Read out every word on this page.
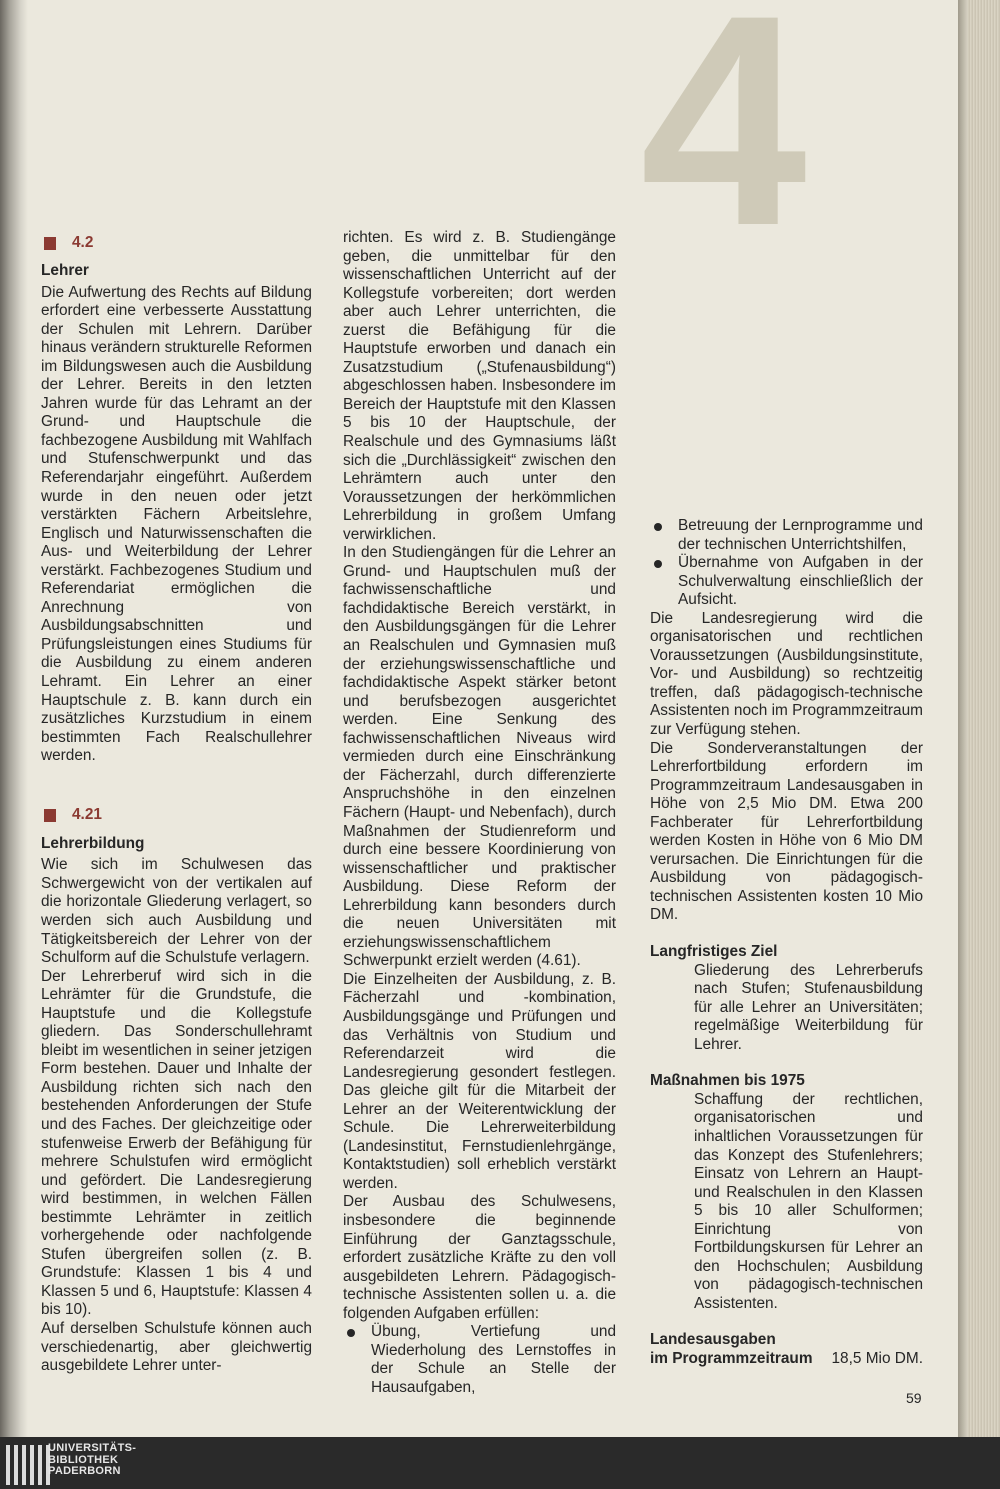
4
4.2

Lehrer

Die Aufwertung des Rechts auf Bildung erfordert eine verbesserte Ausstattung der Schulen mit Lehrern. Darüber hinaus verändern strukturelle Reformen im Bildungswesen auch die Ausbildung der Lehrer. Bereits in den letzten Jahren wurde für das Lehramt an der Grund- und Hauptschule die fachbezogene Ausbildung mit Wahlfach und Stufenschwerpunkt und das Referendarjahr eingeführt. Außerdem wurde in den neuen oder jetzt verstärkten Fächern Arbeitslehre, Englisch und Naturwissenschaften die Aus- und Weiterbildung der Lehrer verstärkt. Fachbezogenes Studium und Referendariat ermöglichen die Anrechnung von Ausbildungsabschnitten und Prüfungsleistungen eines Studiums für die Ausbildung zu einem anderen Lehramt. Ein Lehrer an einer Hauptschule z. B. kann durch ein zusätzliches Kurzstudium in einem bestimmten Fach Realschullehrer werden.

4.21

Lehrerbildung

Wie sich im Schulwesen das Schwergewicht von der vertikalen auf die horizontale Gliederung verlagert, so werden sich auch Ausbildung und Tätigkeitsbereich der Lehrer von der Schulform auf die Schulstufe verlagern.

Der Lehrerberuf wird sich in die Lehrämter für die Grundstufe, die Hauptstufe und die Kollegstufe gliedern. Das Sonderschullehramt bleibt im wesentlichen in seiner jetzigen Form bestehen. Dauer und Inhalte der Ausbildung richten sich nach den bestehenden Anforderungen der Stufe und des Faches. Der gleichzeitige oder stufenweise Erwerb der Befähigung für mehrere Schulstufen wird ermöglicht und gefördert. Die Landesregierung wird bestimmen, in welchen Fällen bestimmte Lehrämter in zeitlich vorhergehende oder nachfolgende Stufen übergreifen sollen (z. B. Grundstufe: Klassen 1 bis 4 und Klassen 5 und 6, Hauptstufe: Klassen 4 bis 10).

Auf derselben Schulstufe können auch verschiedenartig, aber gleichwertig ausgebildete Lehrer unter-

richten. Es wird z. B. Studiengänge geben, die unmittelbar für den wissenschaftlichen Unterricht auf der Kollegstufe vorbereiten; dort werden aber auch Lehrer unterrichten, die zuerst die Befähigung für die Hauptstufe erworben und danach ein Zusatzstudium („Stufenausbildung“) abgeschlossen haben. Insbesondere im Bereich der Hauptstufe mit den Klassen 5 bis 10 der Hauptschule, der Realschule und des Gymnasiums läßt sich die „Durchlässigkeit“ zwischen den Lehrämtern auch unter den Voraussetzungen der herkömmlichen Lehrerbildung in großem Umfang verwirklichen.

In den Studiengängen für die Lehrer an Grund- und Hauptschulen muß der fachwissenschaftliche und fachdidaktische Bereich verstärkt, in den Ausbildungsgängen für die Lehrer an Realschulen und Gymnasien muß der erziehungswissenschaftliche und fachdidaktische Aspekt stärker betont und berufsbezogen ausgerichtet werden. Eine Senkung des fachwissenschaftlichen Niveaus wird vermieden durch eine Einschränkung der Fächerzahl, durch differenzierte Anspruchshöhe in den einzelnen Fächern (Haupt- und Nebenfach), durch Maßnahmen der Studienreform und durch eine bessere Koordinierung von wissenschaftlicher und praktischer Ausbildung. Diese Reform der Lehrerbildung kann besonders durch die neuen Universitäten mit erziehungswissenschaftlichem Schwerpunkt erzielt werden (4.61).

Die Einzelheiten der Ausbildung, z. B. Fächerzahl und -kombination, Ausbildungsgänge und Prüfungen und das Verhältnis von Studium und Referendarzeit wird die Landesregierung gesondert festlegen. Das gleiche gilt für die Mitarbeit der Lehrer an der Weiterentwicklung der Schule. Die Lehrerweiterbildung (Landesinstitut, Fernstudienlehrgänge, Kontaktstudien) soll erheblich verstärkt werden.

Der Ausbau des Schulwesens, insbesondere die beginnende Einführung der Ganztagsschule, erfordert zusätzliche Kräfte zu den voll ausgebildeten Lehrern. Pädagogisch-technische Assistenten sollen u. a. die folgenden Aufgaben erfüllen:

Übung, Vertiefung und Wiederholung des Lernstoffes in der Schule an Stelle der Hausaufgaben,
Betreuung der Lernprogramme und der technischen Unterrichtshilfen,
Übernahme von Aufgaben in der Schulverwaltung einschließlich der Aufsicht.

Die Landesregierung wird die organisatorischen und rechtlichen Voraussetzungen (Ausbildungsinstitute, Vor- und Ausbildung) so rechtzeitig treffen, daß pädagogisch-technische Assistenten noch im Programmzeitraum zur Verfügung stehen.

Die Sonderveranstaltungen der Lehrerfortbildung erfordern im Programmzeitraum Landesausgaben in Höhe von 2,5 Mio DM. Etwa 200 Fachberater für Lehrerfortbildung werden Kosten in Höhe von 6 Mio DM verursachen. Die Einrichtungen für die Ausbildung von pädagogisch-technischen Assistenten kosten 10 Mio DM.

Langfristiges Ziel

Gliederung des Lehrerberufs nach Stufen; Stufenausbildung für alle Lehrer an Universitäten; regelmäßige Weiterbildung für Lehrer.

Maßnahmen bis 1975

Schaffung der rechtlichen, organisatorischen und inhaltlichen Voraussetzungen für das Konzept des Stufenlehrers; Einsatz von Lehrern an Haupt- und Realschulen in den Klassen 5 bis 10 aller Schulformen; Einrichtung von Fortbildungskursen für Lehrer an den Hochschulen; Ausbildung von pädagogisch-technischen Assistenten.

Landesausgaben

im Programmzeitraum 18,5 Mio DM.
59
UNIVERSITÄTS-
BIBLIOTHEK
PADERBORN
